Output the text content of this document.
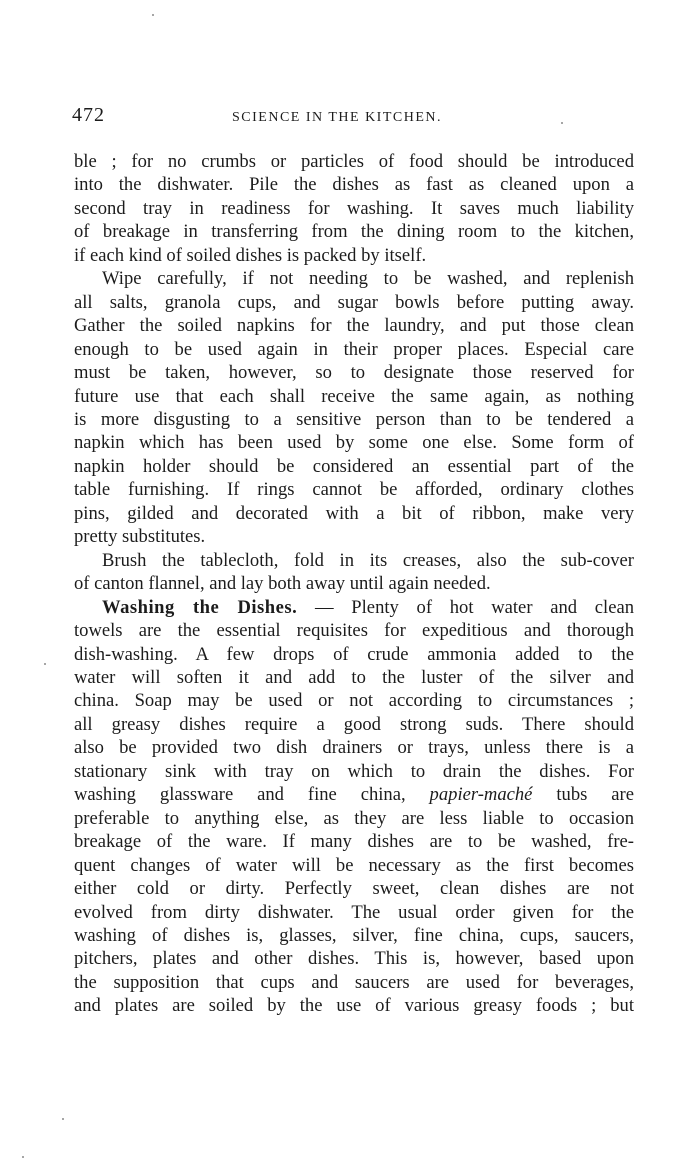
472	SCIENCE IN THE KITCHEN.

ble ; for no crumbs or particles of food should be introduced
into the dishwater. Pile the dishes as fast as cleaned upon a
second tray in readiness for washing. It saves much liability
of breakage in transferring from the dining room to the kitchen,
if each kind of soiled dishes is packed by itself.

Wipe carefully, if not needing to be washed, and replenish
all salts, granola cups, and sugar bowls before putting away.
Gather the soiled napkins for the laundry, and put those clean
enough to be used again in their proper places. Especial care
must be taken, however, so to designate those reserved for
future use that each shall receive the same again, as nothing
is more disgusting to a sensitive person than to be tendered a
napkin which has been used by some one else. Some form of
napkin holder should be considered an essential part of the
table furnishing. If rings cannot be afforded, ordinary clothes
pins, gilded and decorated with a bit of ribbon, make very
pretty substitutes.

Brush the tablecloth, fold in its creases, also the sub-cover
of canton flannel, and lay both away until again needed.

Washing the Dishes. — Plenty of hot water and clean
towels are the essential requisites for expeditious and thorough
dish-washing. A few drops of crude ammonia added to the
water will soften it and add to the luster of the silver and
china. Soap may be used or not according to circumstances ;
all greasy dishes require a good strong suds. There should
also be provided two dish drainers or trays, unless there is a
stationary sink with tray on which to drain the dishes. For
washing glassware and fine china, papier-maché tubs are
preferable to anything else, as they are less liable to occasion
breakage of the ware. If many dishes are to be washed, fre-
quent changes of water will be necessary as the first becomes
either cold or dirty. Perfectly sweet, clean dishes are not
evolved from dirty dishwater. The usual order given for the
washing of dishes is, glasses, silver, fine china, cups, saucers,
pitchers, plates and other dishes. This is, however, based upon
the supposition that cups and saucers are used for beverages,
and plates are soiled by the use of various greasy foods ; but
